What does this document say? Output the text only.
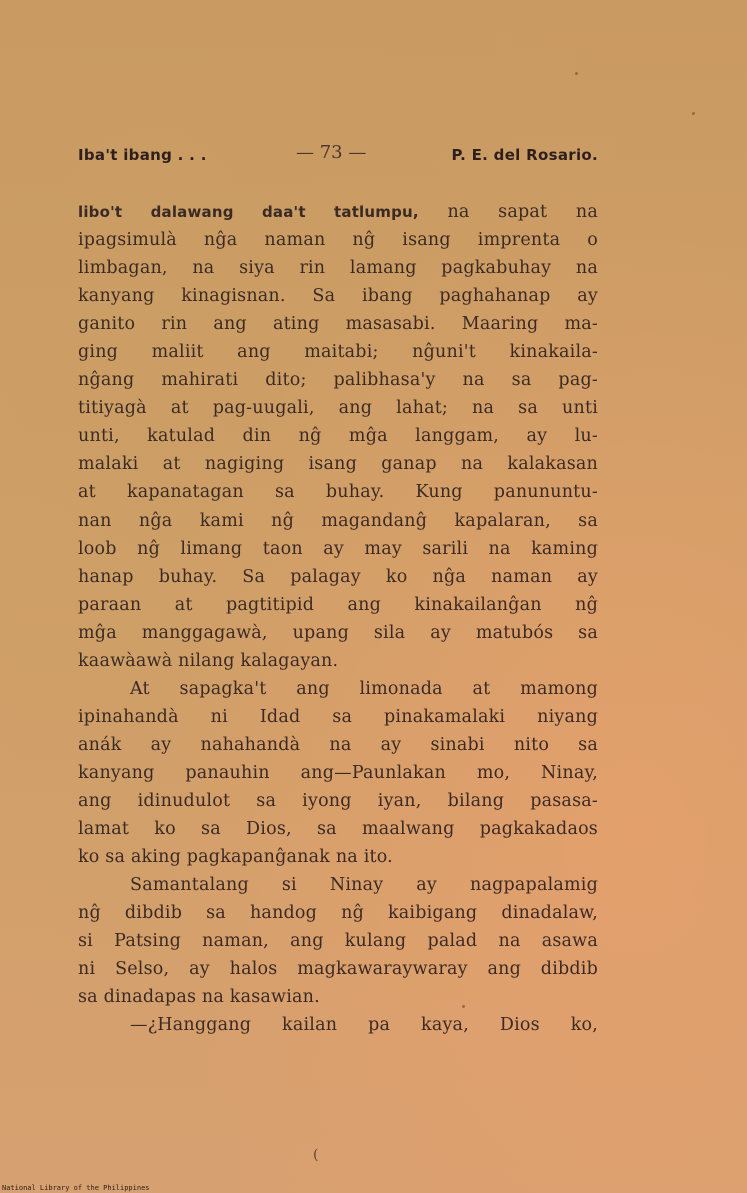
Iba't ibang . . .	— 73 —	P. E. del Rosario.
libo't dalawang daa't tatlumpu, na sapat na
ipagsimulà nĝa naman nĝ isang imprenta o
limbagan, na siya rin lamang pagkabuhay na
kanyang kinagisnan. Sa ibang paghahanap ay
ganito rin ang ating masasabi. Maaring ma-
ging maliit ang maitabi; nĝuni't kinakaila-
nĝang mahirati dito; palibhasa'y na sa pag-
titiyagà at pag-uugali, ang lahat; na sa unti
unti, katulad din nĝ mĝa langgam, ay lu-
malaki at nagiging isang ganap na kalakasan
at kapanatagan sa buhay. Kung panununtu-
nan nĝa kami nĝ magandanĝ kapalaran, sa
loob nĝ limang taon ay may sarili na kaming
hanap buhay. Sa palagay ko nĝa naman ay
paraan at pagtitipid ang kinakailanĝan nĝ
mĝa manggagawà, upang sila ay matubós sa
kaawàawà nilang kalagayan.
At sapagka't ang limonada at mamong
ipinahandà ni Idad sa pinakamalaki niyang
anák ay nahahandà na ay sinabi nito sa
kanyang panauhin ang—Paunlakan mo, Ninay,
ang idinudulot sa iyong iyan, bilang pasasa-
lamat ko sa Dios, sa maalwang pagkakadaos
ko sa aking pagkapanĝanak na ito.
Samantalang si Ninay ay nagpapalamig
nĝ dibdib sa handog nĝ kaibigang dinadalaw,
si Patsing naman, ang kulang palad na asawa
ni Selso, ay halos magkawaraywaray ang dibdib
sa dinadapas na kasawian.
—¿Hanggang kailan pa kaya, Dios ko,
(
National Library of the Philippines
